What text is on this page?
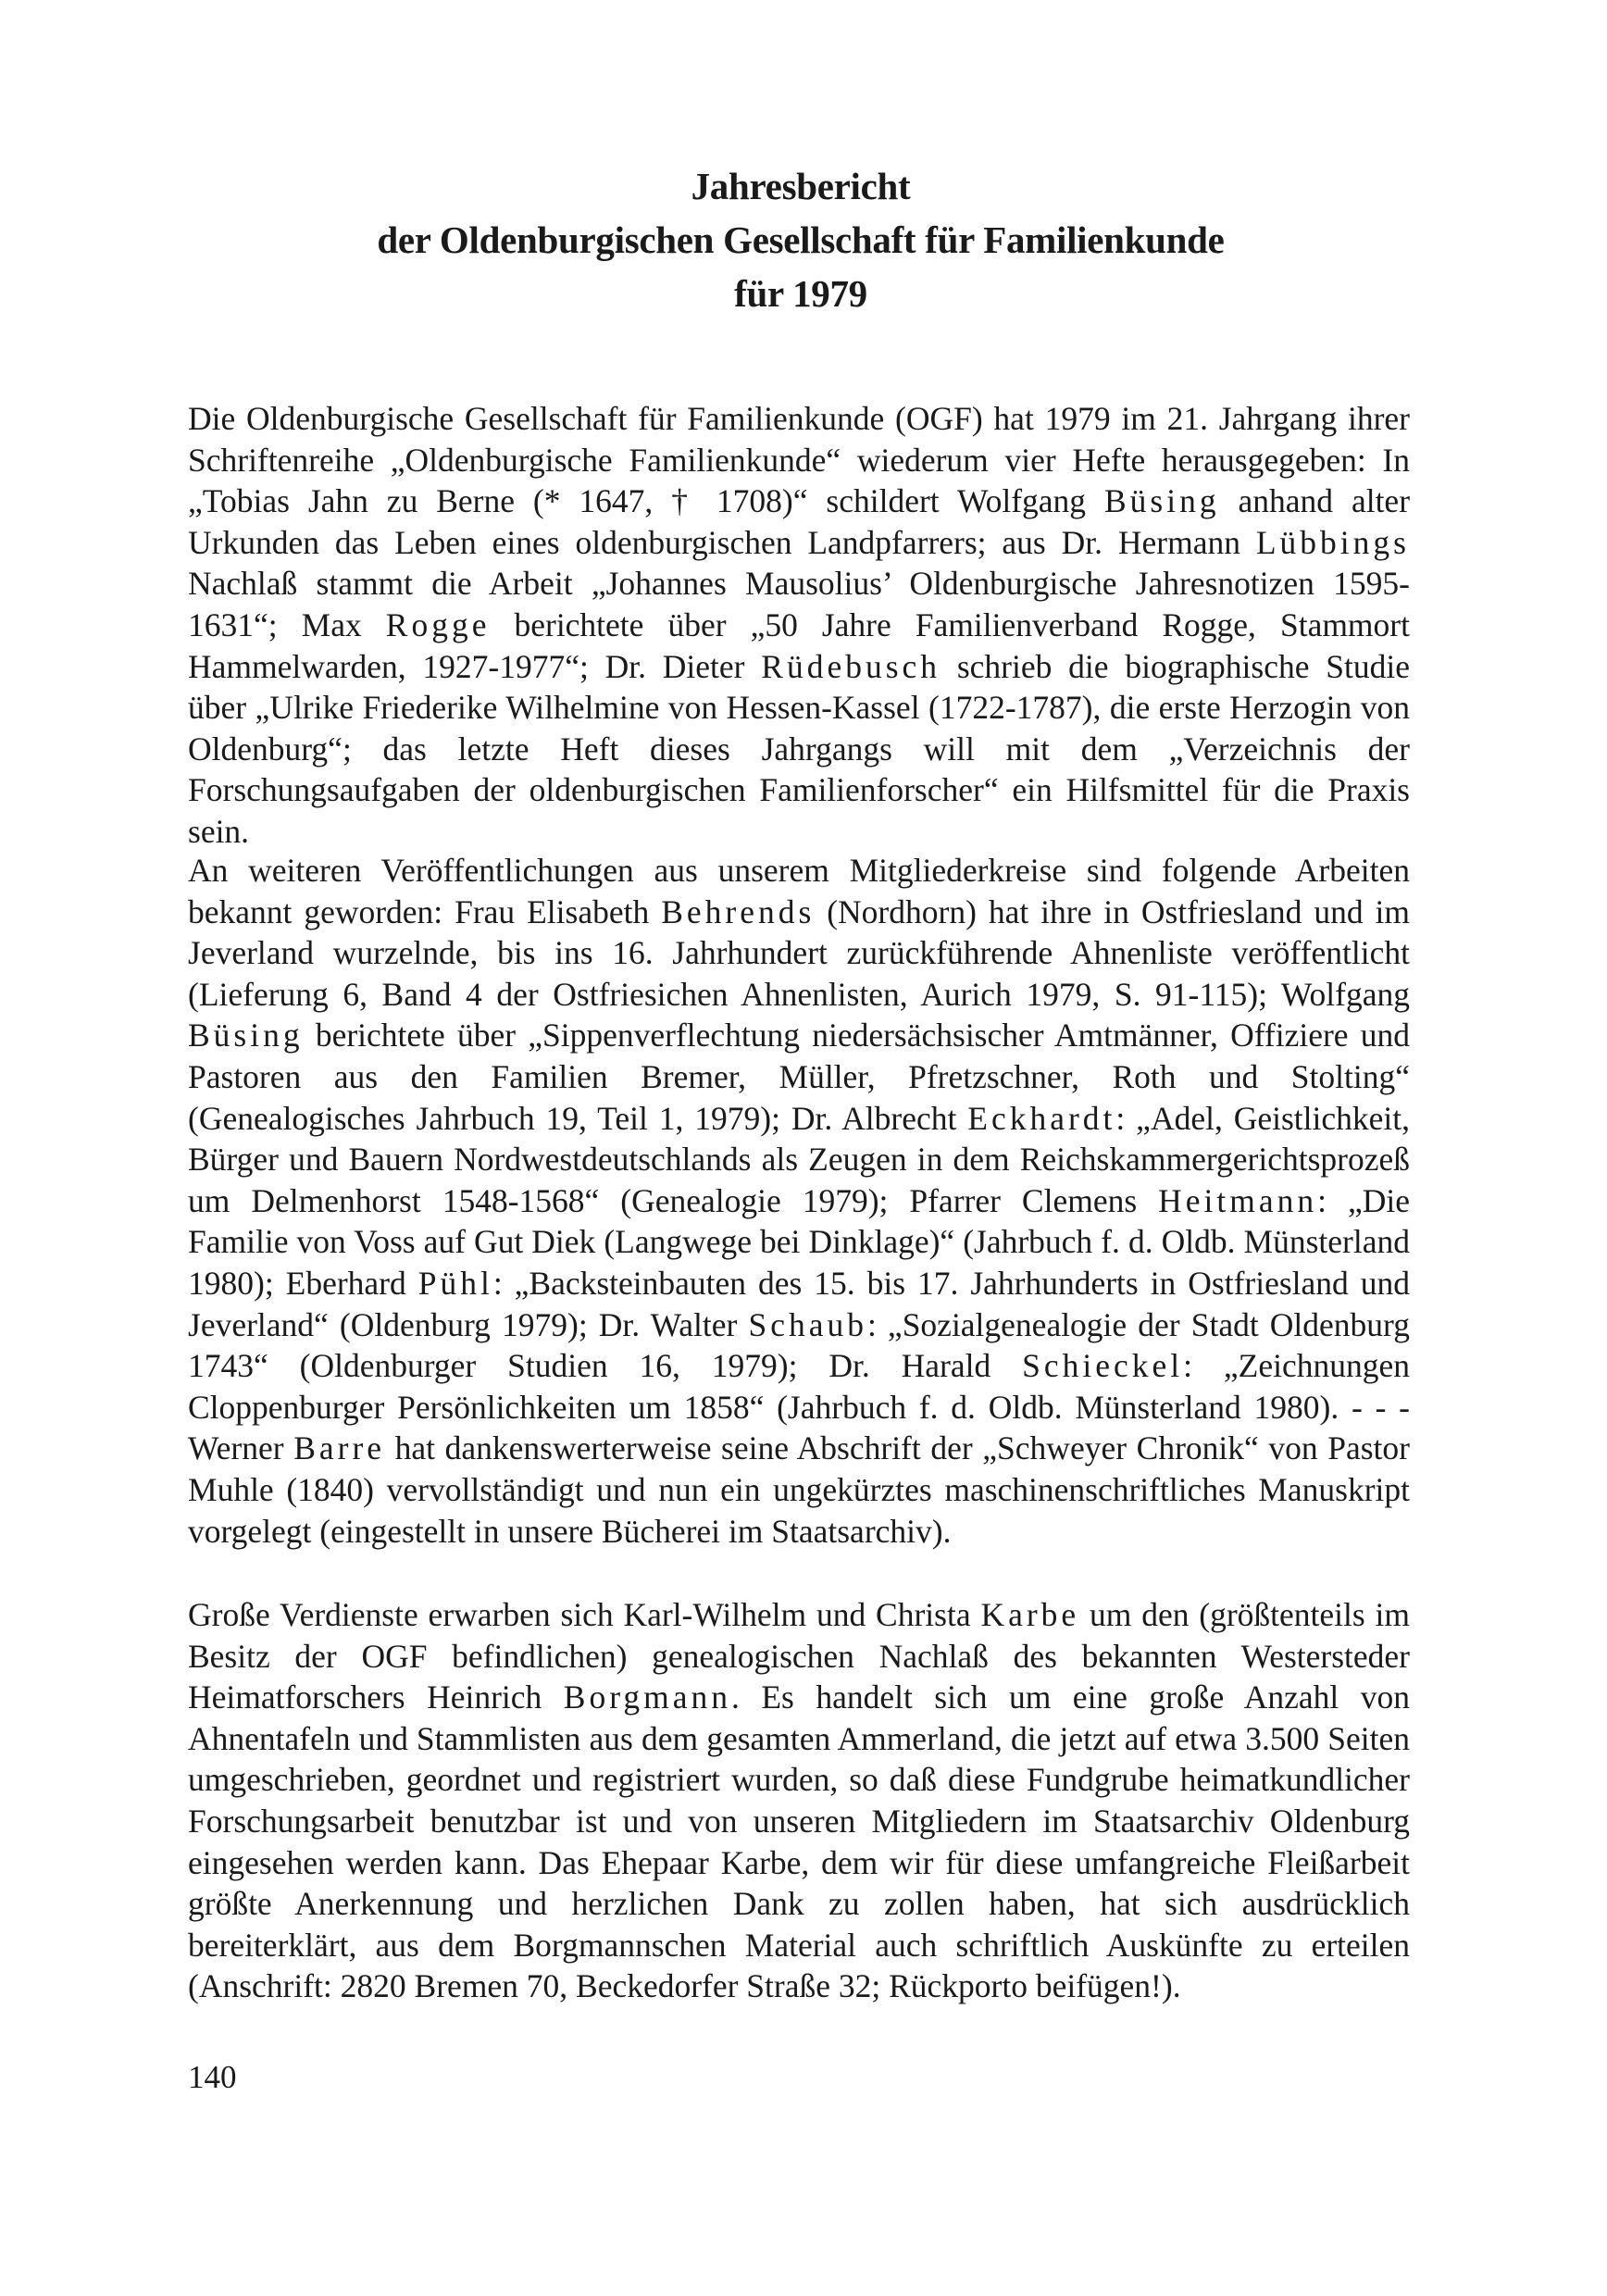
Jahresbericht
der Oldenburgischen Gesellschaft für Familienkunde
für 1979

Die Oldenburgische Gesellschaft für Familienkunde (OGF) hat 1979 im 21. Jahrgang ihrer Schriftenreihe „Oldenburgische Familienkunde“ wiederum vier Hefte herausgegeben: In „Tobias Jahn zu Berne (* 1647, † 1708)“ schildert Wolfgang Büsing anhand alter Urkunden das Leben eines oldenburgischen Landpfarrers; aus Dr. Hermann Lübbings Nachlaß stammt die Arbeit „Johannes Mausolius’ Oldenburgische Jahresnotizen 1595-1631“; Max Rogge berichtete über „50 Jahre Familienverband Rogge, Stammort Hammelwarden, 1927-1977“; Dr. Dieter Rüdebusch schrieb die biographische Studie über „Ulrike Friederike Wilhelmine von Hessen-Kassel (1722-1787), die erste Herzogin von Oldenburg“; das letzte Heft dieses Jahrgangs will mit dem „Verzeichnis der Forschungsaufgaben der oldenburgischen Familienforscher“ ein Hilfsmittel für die Praxis sein.

An weiteren Veröffentlichungen aus unserem Mitgliederkreise sind folgende Arbeiten bekannt geworden: Frau Elisabeth Behrends (Nordhorn) hat ihre in Ostfriesland und im Jeverland wurzelnde, bis ins 16. Jahrhundert zurückführende Ahnenliste veröffentlicht (Lieferung 6, Band 4 der Ostfriesichen Ahnenlisten, Aurich 1979, S. 91-115); Wolfgang Büsing berichtete über „Sippenverflechtung niedersächsischer Amtmänner, Offiziere und Pastoren aus den Familien Bremer, Müller, Pfretzschner, Roth und Stolting“ (Genealogisches Jahrbuch 19, Teil 1, 1979); Dr. Albrecht Eckhardt: „Adel, Geistlichkeit, Bürger und Bauern Nordwestdeutschlands als Zeugen in dem Reichskammergerichtsprozeß um Delmenhorst 1548-1568“ (Genealogie 1979); Pfarrer Clemens Heitmann: „Die Familie von Voss auf Gut Diek (Langwege bei Dinklage)“ (Jahrbuch f. d. Oldb. Münsterland 1980); Eberhard Pühl: „Backsteinbauten des 15. bis 17. Jahrhunderts in Ostfriesland und Jeverland“ (Oldenburg 1979); Dr. Walter Schaub: „Sozialgenealogie der Stadt Oldenburg 1743“ (Oldenburger Studien 16, 1979); Dr. Harald Schieckel: „Zeichnungen Cloppenburger Persönlichkeiten um 1858“ (Jahrbuch f. d. Oldb. Münsterland 1980). - - - Werner Barre hat dankenswerterweise seine Abschrift der „Schweyer Chronik“ von Pastor Muhle (1840) vervollständigt und nun ein ungekürztes maschinenschriftliches Manuskript vorgelegt (eingestellt in unsere Bücherei im Staatsarchiv).

Große Verdienste erwarben sich Karl-Wilhelm und Christa Karbe um den (größtenteils im Besitz der OGF befindlichen) genealogischen Nachlaß des bekannten Westersteder Heimatforschers Heinrich Borgmann. Es handelt sich um eine große Anzahl von Ahnentafeln und Stammlisten aus dem gesamten Ammerland, die jetzt auf etwa 3.500 Seiten umgeschrieben, geordnet und registriert wurden, so daß diese Fundgrube heimatkundlicher Forschungsarbeit benutzbar ist und von unseren Mitgliedern im Staatsarchiv Oldenburg eingesehen werden kann. Das Ehepaar Karbe, dem wir für diese umfangreiche Fleißarbeit größte Anerkennung und herzlichen Dank zu zollen haben, hat sich ausdrücklich bereiterklärt, aus dem Borgmannschen Material auch schriftlich Auskünfte zu erteilen (Anschrift: 2820 Bremen 70, Beckedorfer Straße 32; Rückporto beifügen!).

140
